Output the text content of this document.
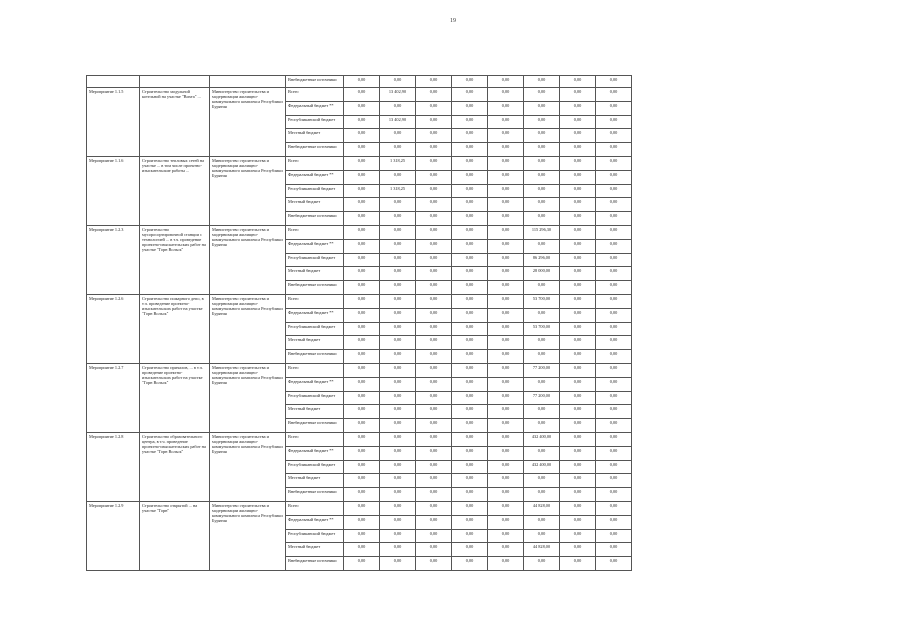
19
			Внебюджетные источники	0,00	0,00	0,00	0,00	0,00	0,00	0,00	0,00
Мероприятие 1.1.5	Строительство модульной котельной на участке "Вихта" ...	Министерство строительства и модернизации жилищно-коммунального комплекса Республики Бурятия	Всего	0,00	13 402,90	0,00	0,00	0,00	0,00	0,00	0,00
			Федеральный бюджет **	0,00	0,00	0,00	0,00	0,00	0,00	0,00	0,00
			Республиканский бюджет	0,00	13 402,90	0,00	0,00	0,00	0,00	0,00	0,00
			Местный бюджет	0,00	0,00	0,00	0,00	0,00	0,00	0,00	0,00
			Внебюджетные источники	0,00	0,00	0,00	0,00	0,00	0,00	0,00	0,00
Мероприятие 1.1.6	Строительство тепловых сетей на участке ... в том числе проектно-изыскательские работы ...	Министерство строительства и модернизации жилищно-коммунального комплекса Республики Бурятия	Всего	0,00	1 318,25	0,00	0,00	0,00	0,00	0,00	0,00
			Федеральный бюджет **	0,00	0,00	0,00	0,00	0,00	0,00	0,00	0,00
			Республиканский бюджет	0,00	1 318,25	0,00	0,00	0,00	0,00	0,00	0,00
			Местный бюджет	0,00	0,00	0,00	0,00	0,00	0,00	0,00	0,00
			Внебюджетные источники	0,00	0,00	0,00	0,00	0,00	0,00	0,00	0,00
Мероприятие 1.2.3	Строительство мусоросортировочной станции с технологией ... в т.ч. проведение проектно-изыскательских работ на участке "Горн Вольск"	Министерство строительства и модернизации жилищно-коммунального комплекса Республики Бурятия	Всего	0,00	0,00	0,00	0,00	0,00	115 296,30	0,00	0,00
			Федеральный бюджет **	0,00	0,00	0,00	0,00	0,00	0,00	0,00	0,00
			Республиканский бюджет	0,00	0,00	0,00	0,00	0,00	86 296,00	0,00	0,00
			Местный бюджет	0,00	0,00	0,00	0,00	0,00	28 000,00	0,00	0,00
			Внебюджетные источники	0,00	0,00	0,00	0,00	0,00	0,00	0,00	0,00
Мероприятие 1.2.6	Строительство пожарного депо, в т.ч. проведение проектно-изыскательских работ на участке "Горн Вольск"	Министерство строительства и модернизации жилищно-коммунального комплекса Республики Бурятия	Всего	0,00	0,00	0,00	0,00	0,00	53 700,00	0,00	0,00
			Федеральный бюджет **	0,00	0,00	0,00	0,00	0,00	0,00	0,00	0,00
			Республиканский бюджет	0,00	0,00	0,00	0,00	0,00	53 700,00	0,00	0,00
			Местный бюджет	0,00	0,00	0,00	0,00	0,00	0,00	0,00	0,00
			Внебюджетные источники	0,00	0,00	0,00	0,00	0,00	0,00	0,00	0,00
Мероприятие 1.2.7	Строительство причалов, ... в т.ч. проведение проектно-изыскательских работ на участке "Горн Вольск"	Министерство строительства и модернизации жилищно-коммунального комплекса Республики Бурятия	Всего	0,00	0,00	0,00	0,00	0,00	77 200,00	0,00	0,00
			Федеральный бюджет **	0,00	0,00	0,00	0,00	0,00	0,00	0,00	0,00
			Республиканский бюджет	0,00	0,00	0,00	0,00	0,00	77 200,00	0,00	0,00
			Местный бюджет	0,00	0,00	0,00	0,00	0,00	0,00	0,00	0,00
			Внебюджетные источники	0,00	0,00	0,00	0,00	0,00	0,00	0,00	0,00
Мероприятие 1.2.8	Строительство образовательного центра, в т.ч. проведение проектно-изыскательских работ на участке "Горн Вольск"	Министерство строительства и модернизации жилищно-коммунального комплекса Республики Бурятия	Всего	0,00	0,00	0,00	0,00	0,00	432 400,00	0,00	0,00
			Федеральный бюджет **	0,00	0,00	0,00	0,00	0,00	0,00	0,00	0,00
			Республиканский бюджет	0,00	0,00	0,00	0,00	0,00	432 400,00	0,00	0,00
			Местный бюджет	0,00	0,00	0,00	0,00	0,00	0,00	0,00	0,00
			Внебюджетные источники	0,00	0,00	0,00	0,00	0,00	0,00	0,00	0,00
Мероприятие 1.2.9	Строительство открытой ... на участке "Горн"	Министерство строительства и модернизации жилищно-коммунального комплекса Республики Бурятия	Всего	0,00	0,00	0,00	0,00	0,00	44 828,00	0,00	0,00
			Федеральный бюджет **	0,00	0,00	0,00	0,00	0,00	0,00	0,00	0,00
			Республиканский бюджет	0,00	0,00	0,00	0,00	0,00	0,00	0,00	0,00
			Местный бюджет	0,00	0,00	0,00	0,00	0,00	44 828,00	0,00	0,00
			Внебюджетные источники	0,00	0,00	0,00	0,00	0,00	0,00	0,00	0,00
